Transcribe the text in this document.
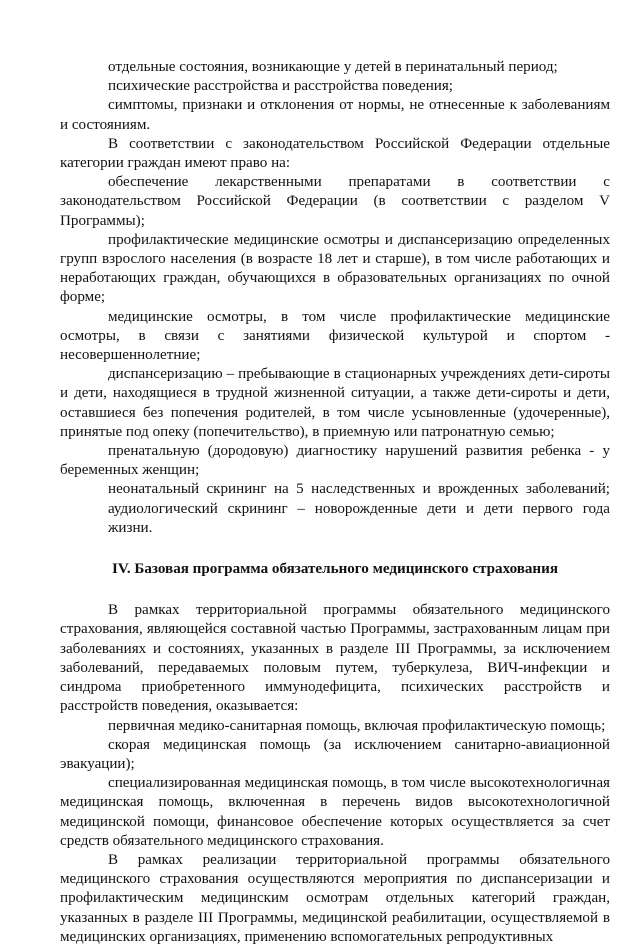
отдельные состояния, возникающие у детей в перинатальный период;

психические расстройства и расстройства поведения;

симптомы, признаки и отклонения от нормы, не отнесенные к заболеваниям и состояниям.

В соответствии с законодательством Российской Федерации отдельные категории граждан имеют право на:

обеспечение лекарственными препаратами в соответствии с законодательством Российской Федерации (в соответствии с разделом V Программы);

профилактические медицинские осмотры и диспансеризацию определенных групп взрослого населения (в возрасте 18 лет и старше), в том числе работающих и неработающих граждан, обучающихся в образовательных организациях по очной форме;

медицинские осмотры, в том числе профилактические медицинские осмотры, в связи с занятиями физической культурой и спортом - несовершеннолетние;

диспансеризацию – пребывающие в стационарных учреждениях дети-сироты и дети, находящиеся в трудной жизненной ситуации, а также дети-сироты и дети, оставшиеся без попечения родителей, в том числе усыновленные (удочеренные), принятые под опеку (попечительство), в приемную или патронатную семью;

пренатальную (дородовую) диагностику нарушений развития ребенка - у беременных женщин;

неонатальный скрининг на 5 наследственных и врожденных заболеваний; аудиологический скрининг – новорожденные дети и дети первого года жизни.

IV. Базовая программа обязательного медицинского страхования

В рамках территориальной программы обязательного медицинского страхования, являющейся составной частью Программы, застрахованным лицам при заболеваниях и состояниях, указанных в разделе III Программы, за исключением заболеваний, передаваемых половым путем, туберкулеза, ВИЧ-инфекции и синдрома приобретенного иммунодефицита, психических расстройств и расстройств поведения, оказывается:

первичная медико-санитарная помощь, включая профилактическую помощь;

скорая медицинская помощь (за исключением санитарно-авиационной эвакуации);

специализированная медицинская помощь, в том числе высокотехнологичная медицинская помощь, включенная в перечень видов высокотехнологичной медицинской помощи, финансовое обеспечение которых осуществляется за счет средств обязательного медицинского страхования.

В рамках реализации территориальной программы обязательного медицинского страхования осуществляются мероприятия по диспансеризации и профилактическим медицинским осмотрам отдельных категорий граждан, указанных в разделе III Программы, медицинской реабилитации, осуществляемой в медицинских организациях, применению вспомогательных репродуктивных
